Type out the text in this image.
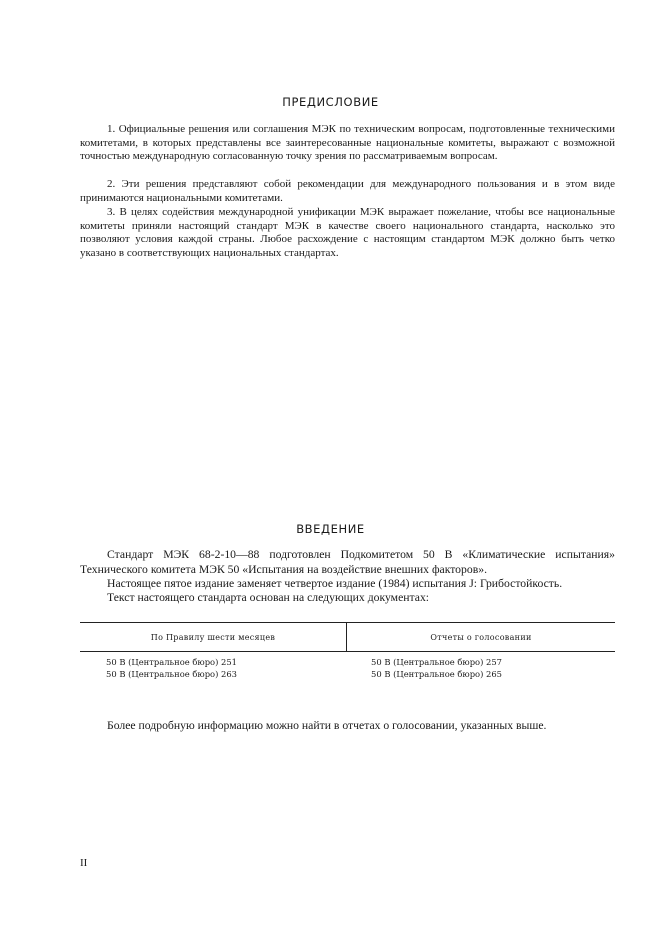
ПРЕДИСЛОВИЕ

1. Официальные решения или соглашения МЭК по техническим вопросам, подготовленные техническими комитетами, в которых представлены все заинтересованные национальные комитеты, выражают с возможной точностью международную согласованную точку зрения по рассматриваемым вопросам.

2. Эти решения представляют собой рекомендации для международного пользования и в этом виде принимаются национальными комитетами.

3. В целях содействия международной унификации МЭК выражает пожелание, чтобы все национальные комитеты приняли настоящий стандарт МЭК в качестве своего национального стандарта, насколько это позволяют условия каждой страны. Любое расхождение с настоящим стандартом МЭК должно быть четко указано в соответствующих национальных стандартах.

ВВЕДЕНИЕ

Стандарт МЭК 68-2-10—88 подготовлен Подкомитетом 50 В «Климатические испытания» Технического комитета МЭК 50 «Испытания на воздействие внешних факторов».

Настоящее пятое издание заменяет четвертое издание (1984) испытания J: Грибостойкость.

Текст настоящего стандарта основан на следующих документах:

По Правилу шести месяцев	Отчеты о голосовании
50 В (Центральное бюро) 251	50 В (Центральное бюро) 257
50 В (Центральное бюро) 263	50 В (Центральное бюро) 265

Более подробную информацию можно найти в отчетах о голосовании, указанных выше.

II
